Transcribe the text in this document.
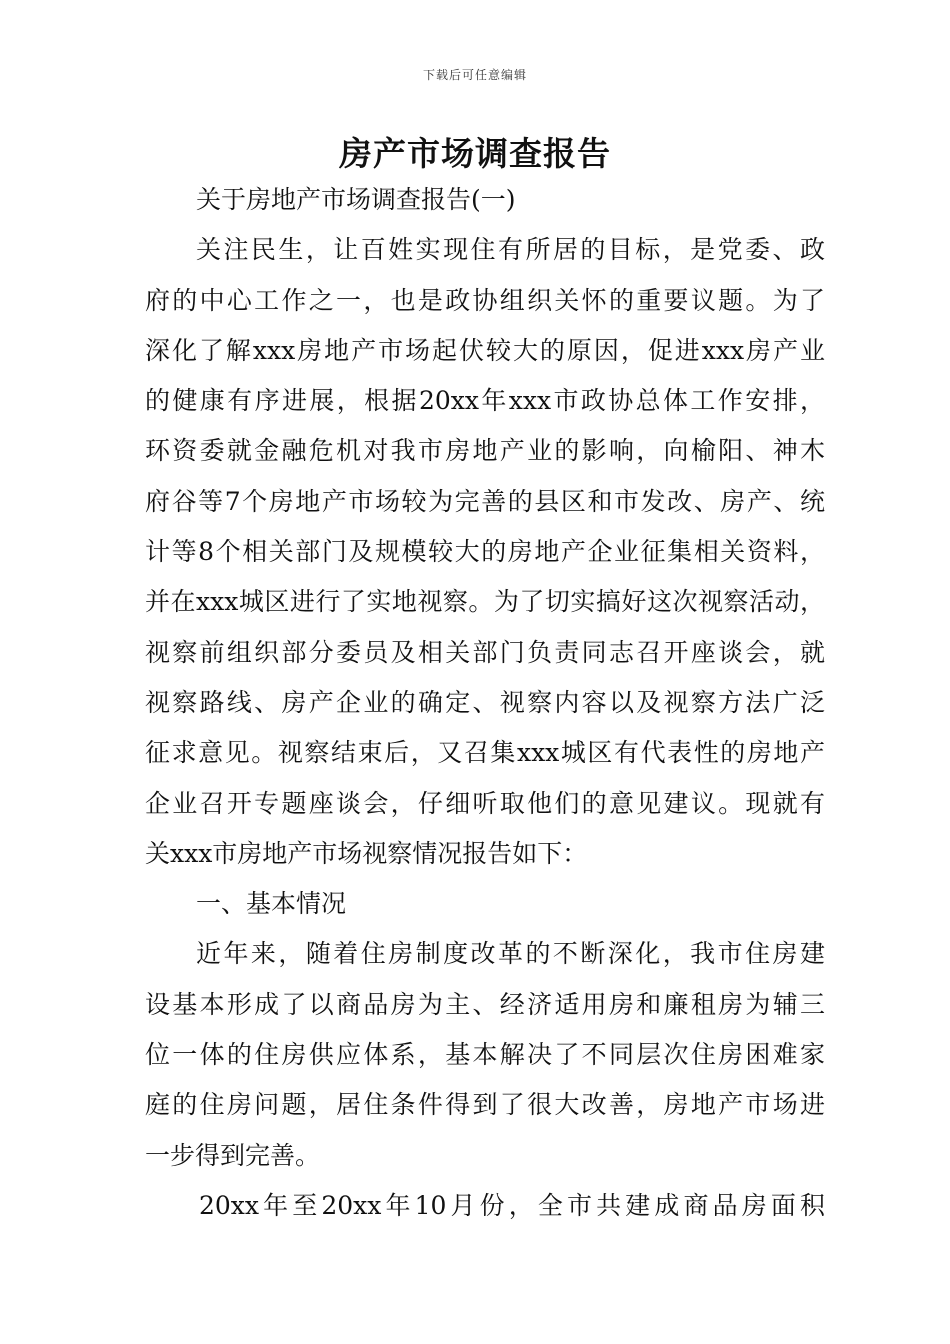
下载后可任意编辑
房产市场调查报告
关于房地产市场调查报告(一)
关注民生，让百姓实现住有所居的目标，是党委、政
府的中心工作之一，也是政协组织关怀的重要议题。为了
深化了解xxx房地产市场起伏较大的原因，促进xxx房产业
的健康有序进展，根据20xx年xxx市政协总体工作安排，
环资委就金融危机对我市房地产业的影响，向榆阳、神木
府谷等7个房地产市场较为完善的县区和市发改、房产、统
计等8个相关部门及规模较大的房地产企业征集相关资料，
并在xxx城区进行了实地视察。为了切实搞好这次视察活动，
视察前组织部分委员及相关部门负责同志召开座谈会，就
视察路线、房产企业的确定、视察内容以及视察方法广泛
征求意见。视察结束后，又召集xxx城区有代表性的房地产
企业召开专题座谈会，仔细听取他们的意见建议。现就有
关xxx市房地产市场视察情况报告如下：
一、基本情况
近年来，随着住房制度改革的不断深化，我市住房建
设基本形成了以商品房为主、经济适用房和廉租房为辅三
位一体的住房供应体系，基本解决了不同层次住房困难家
庭的住房问题，居住条件得到了很大改善，房地产市场进
一步得到完善。
20xx年至20xx年10月份，全市共建成商品房面积
